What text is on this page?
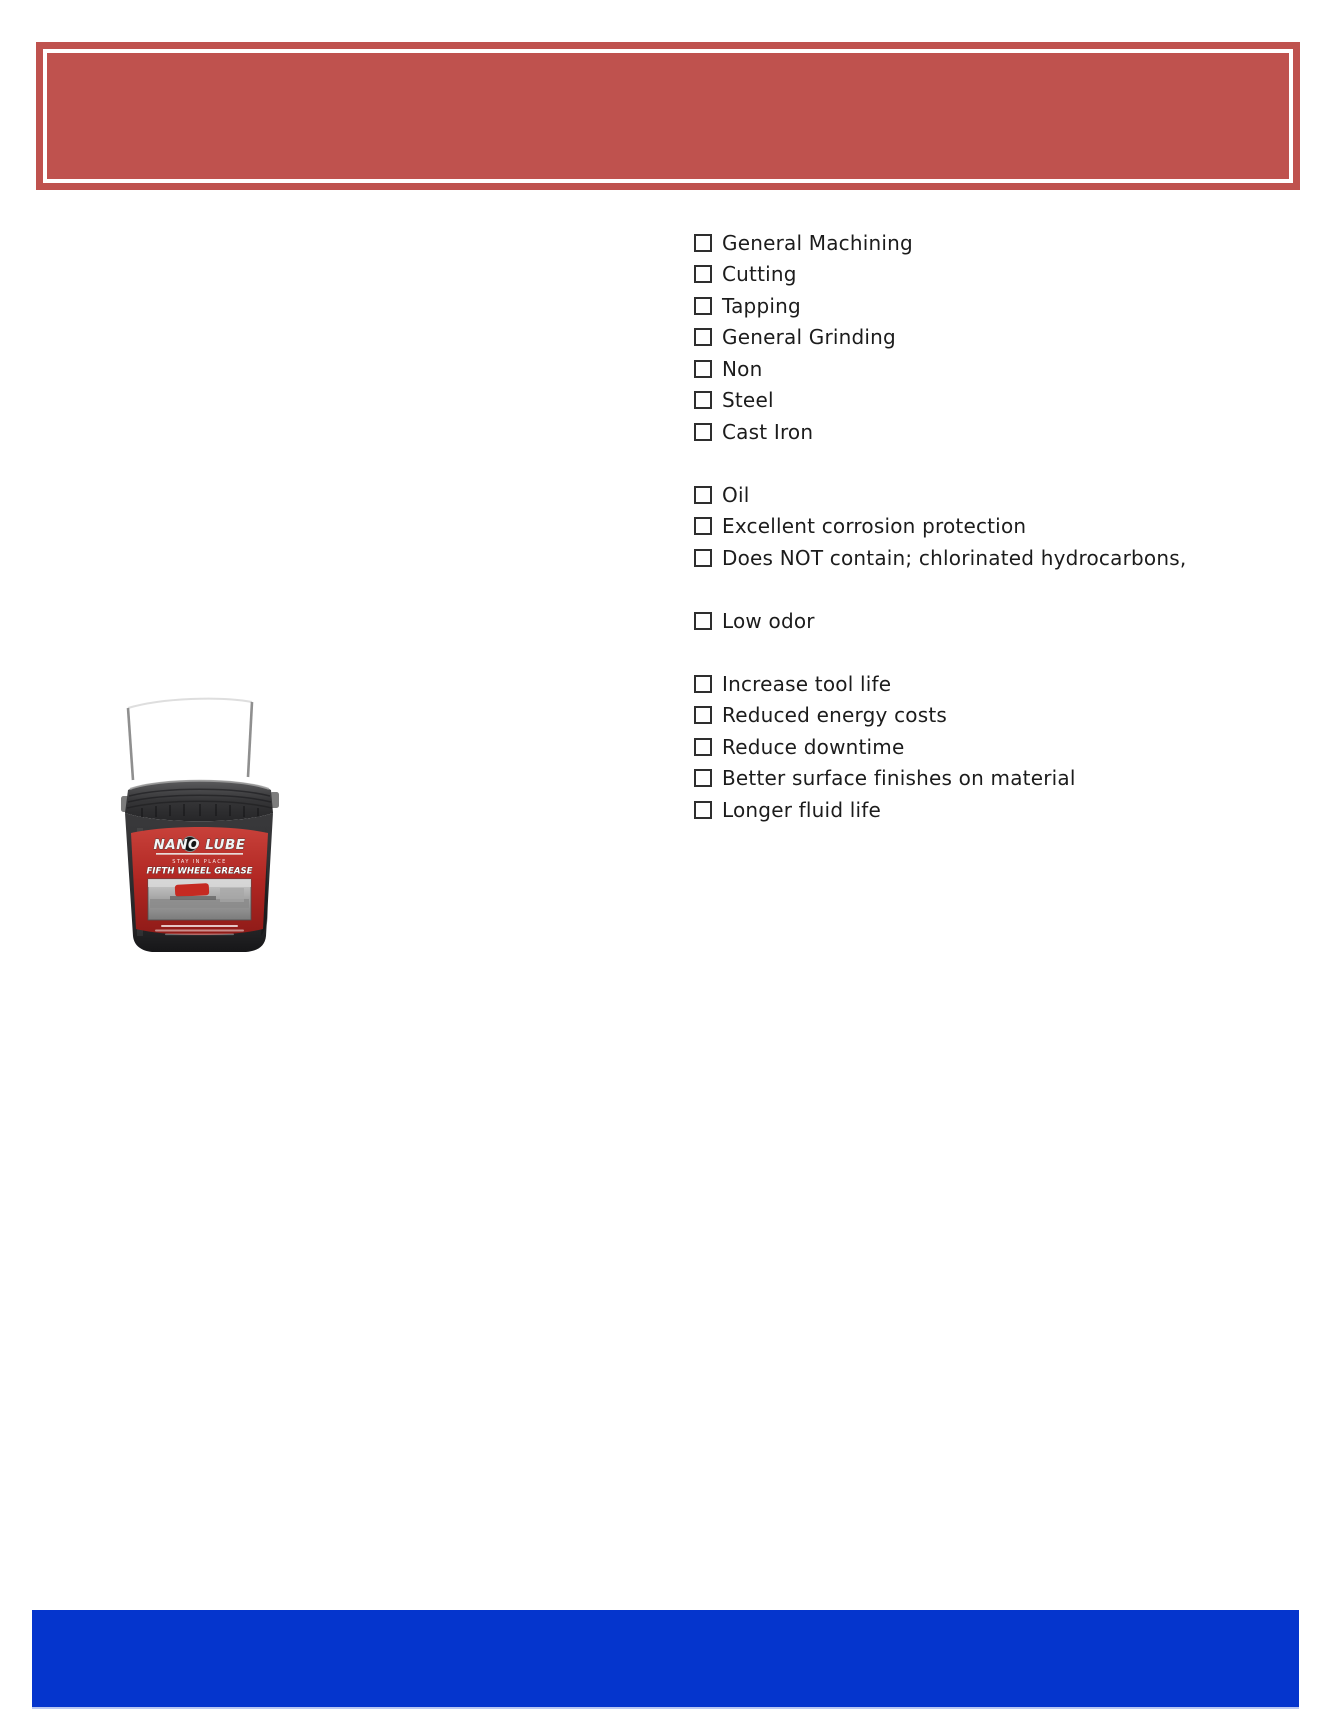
General Machining
Cutting
Tapping
General Grinding
Non
Steel
Cast Iron
Oil
Excellent corrosion protection
Does NOT contain; chlorinated hydrocarbons,
Low odor
Increase tool life
Reduced energy costs
Reduce downtime
Better surface finishes on material
Longer fluid life
NANO LUBE
STAY IN PLACE
FIFTH WHEEL GREASE
